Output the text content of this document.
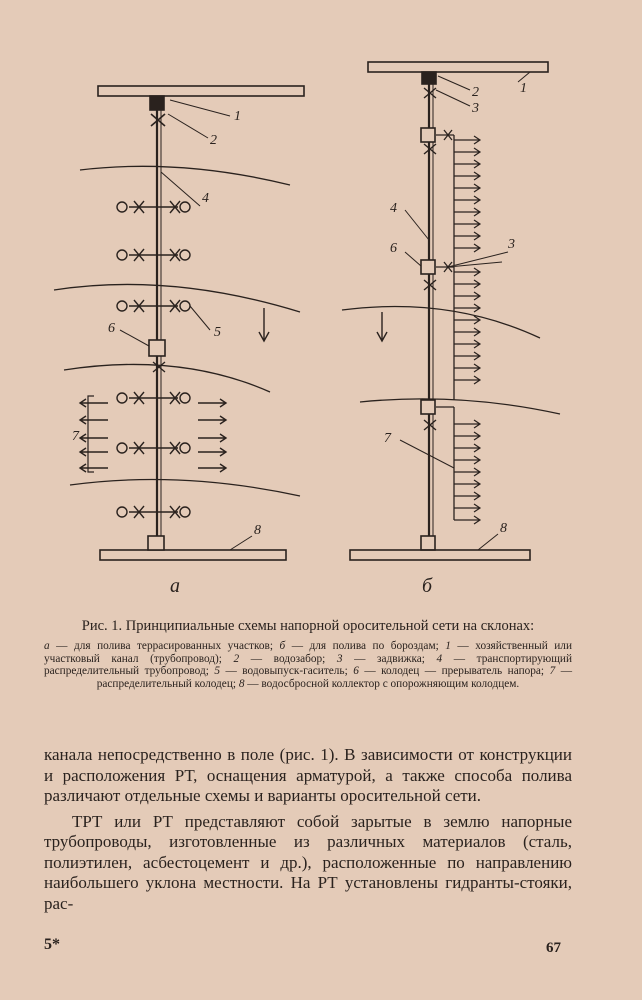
1
2
4
5
6
7
8
1
2
3
4
6	3
7
8
а	б

Рис. 1. Принципиальные схемы напорной оросительной сети на склонах:

а — для полива террасированных участков; б — для полива по бороздам; 1 — хозяйственный или участковый канал (трубопровод); 2 — водозабор; 3 — задвижка; 4 — транспортирующий распределительный трубопровод; 5 — водовыпуск-гаситель; 6 — колодец — прерыватель напора; 7 — распределительный колодец; 8 — водосбросной коллектор с опорожняющим колодцем.

канала непосредственно в поле (рис. 1). В зависимости от конструкции и расположения РТ, оснащения арматурой, а также способа полива различают отдельные схемы и варианты оросительной сети.

ТРТ или РТ представляют собой зарытые в землю напорные трубопроводы, изготовленные из различных материалов (сталь, полиэтилен, асбестоцемент и др.), расположенные по направлению наибольшего уклона местности. На РТ установлены гидранты-стояки, рас-

5*	67
